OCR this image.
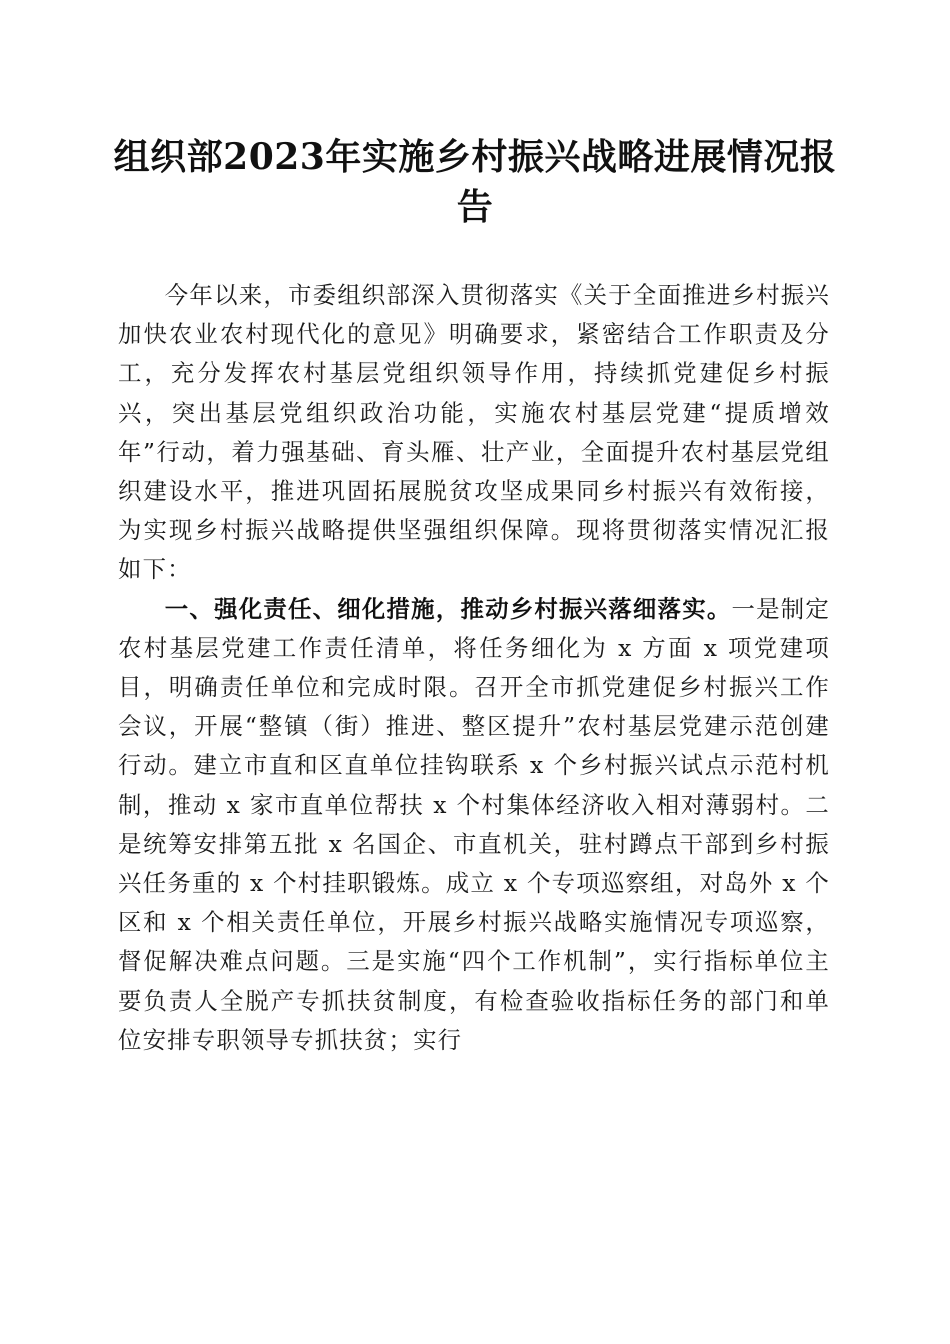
组织部2023年实施乡村振兴战略进展情况报告

今年以来，市委组织部深入贯彻落实《关于全面推进乡村振兴加快农业农村现代化的意见》明确要求，紧密结合工作职责及分工，充分发挥农村基层党组织领导作用，持续抓党建促乡村振兴，突出基层党组织政治功能，实施农村基层党建“提质增效年”行动，着力强基础、育头雁、壮产业，全面提升农村基层党组织建设水平，推进巩固拓展脱贫攻坚成果同乡村振兴有效衔接，为实现乡村振兴战略提供坚强组织保障。现将贯彻落实情况汇报如下：

一、强化责任、细化措施，推动乡村振兴落细落实。一是制定农村基层党建工作责任清单，将任务细化为 x 方面 x 项党建项目，明确责任单位和完成时限。召开全市抓党建促乡村振兴工作会议，开展“整镇（街）推进、整区提升”农村基层党建示范创建行动。建立市直和区直单位挂钩联系 x 个乡村振兴试点示范村机制，推动 x 家市直单位帮扶 x 个村集体经济收入相对薄弱村。二是统筹安排第五批 x 名国企、市直机关，驻村蹲点干部到乡村振兴任务重的 x 个村挂职锻炼。成立 x 个专项巡察组，对岛外 x 个区和 x 个相关责任单位，开展乡村振兴战略实施情况专项巡察，督促解决难点问题。三是实施“四个工作机制”，实行指标单位主要负责人全脱产专抓扶贫制度，有检查验收指标任务的部门和单位安排专职领导专抓扶贫；实行
